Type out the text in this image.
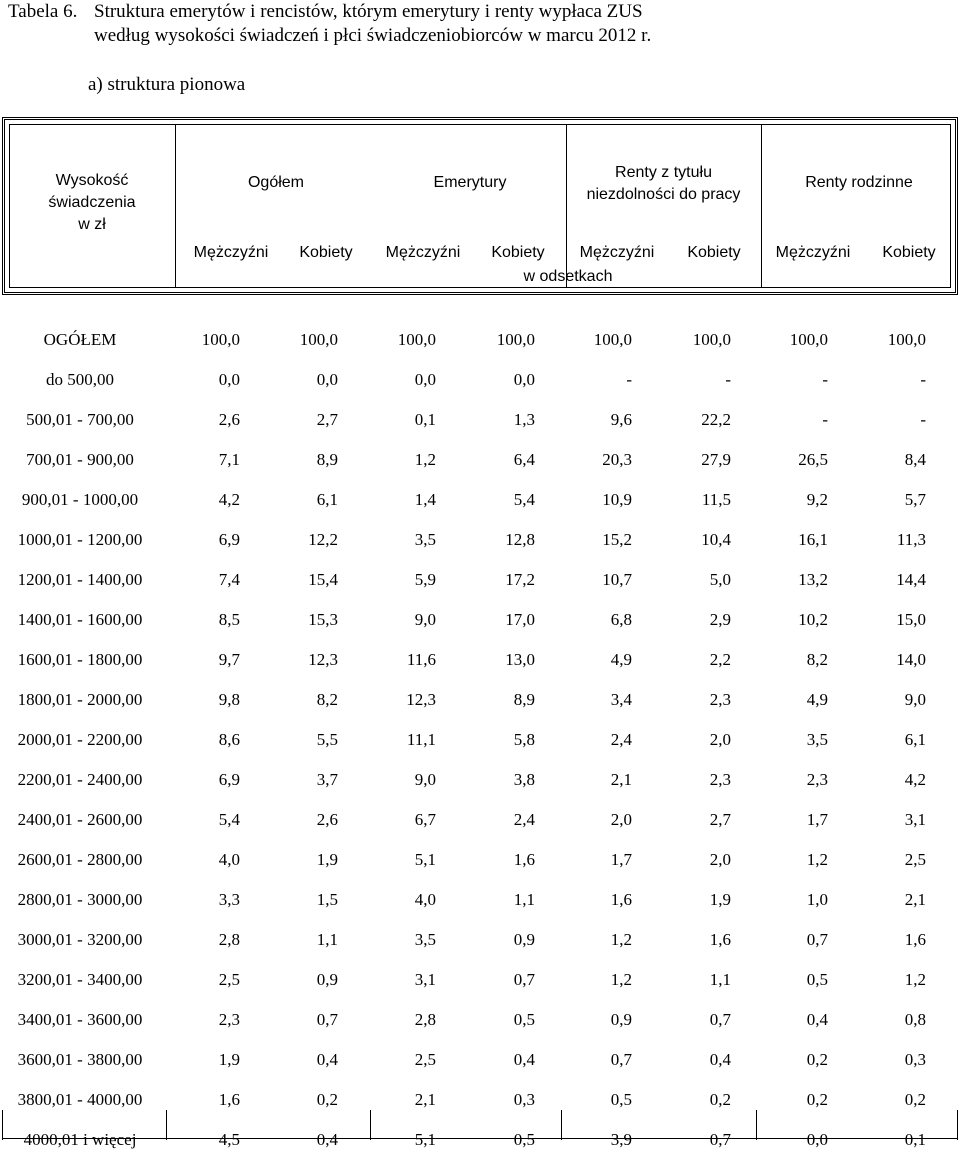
Tabela 6. Struktura emerytów i rencistów, którym emerytury i renty wypłaca ZUS
według wysokości świadczeń i płci świadczeniobiorców w marcu 2012 r.
a) struktura pionowa
Wysokość
świadczenia
w zł
Ogółem	Emerytury
Renty z tytułu
niezdolności do pracy
Renty rodzinne
Mężczyźni	Kobiety	Mężczyźni	Kobiety	Mężczyźni	Kobiety	Mężczyźni	Kobiety
w odsetkach
OGÓŁEM	100,0	100,0	100,0	100,0	100,0	100,0	100,0	100,0
do 500,00	0,0	0,0	0,0	0,0	-	-	-	-
500,01 - 700,00	2,6	2,7	0,1	1,3	9,6	22,2	-	-
700,01 - 900,00	7,1	8,9	1,2	6,4	20,3	27,9	26,5	8,4
900,01 - 1000,00	4,2	6,1	1,4	5,4	10,9	11,5	9,2	5,7
1000,01 - 1200,00	6,9	12,2	3,5	12,8	15,2	10,4	16,1	11,3
1200,01 - 1400,00	7,4	15,4	5,9	17,2	10,7	5,0	13,2	14,4
1400,01 - 1600,00	8,5	15,3	9,0	17,0	6,8	2,9	10,2	15,0
1600,01 - 1800,00	9,7	12,3	11,6	13,0	4,9	2,2	8,2	14,0
1800,01 - 2000,00	9,8	8,2	12,3	8,9	3,4	2,3	4,9	9,0
2000,01 - 2200,00	8,6	5,5	11,1	5,8	2,4	2,0	3,5	6,1
2200,01 - 2400,00	6,9	3,7	9,0	3,8	2,1	2,3	2,3	4,2
2400,01 - 2600,00	5,4	2,6	6,7	2,4	2,0	2,7	1,7	3,1
2600,01 - 2800,00	4,0	1,9	5,1	1,6	1,7	2,0	1,2	2,5
2800,01 - 3000,00	3,3	1,5	4,0	1,1	1,6	1,9	1,0	2,1
3000,01 - 3200,00	2,8	1,1	3,5	0,9	1,2	1,6	0,7	1,6
3200,01 - 3400,00	2,5	0,9	3,1	0,7	1,2	1,1	0,5	1,2
3400,01 - 3600,00	2,3	0,7	2,8	0,5	0,9	0,7	0,4	0,8
3600,01 - 3800,00	1,9	0,4	2,5	0,4	0,7	0,4	0,2	0,3
3800,01 - 4000,00	1,6	0,2	2,1	0,3	0,5	0,2	0,2	0,2
4000,01 i więcej	4,5	0,4	5,1	0,5	3,9	0,7	0,0	0,1
